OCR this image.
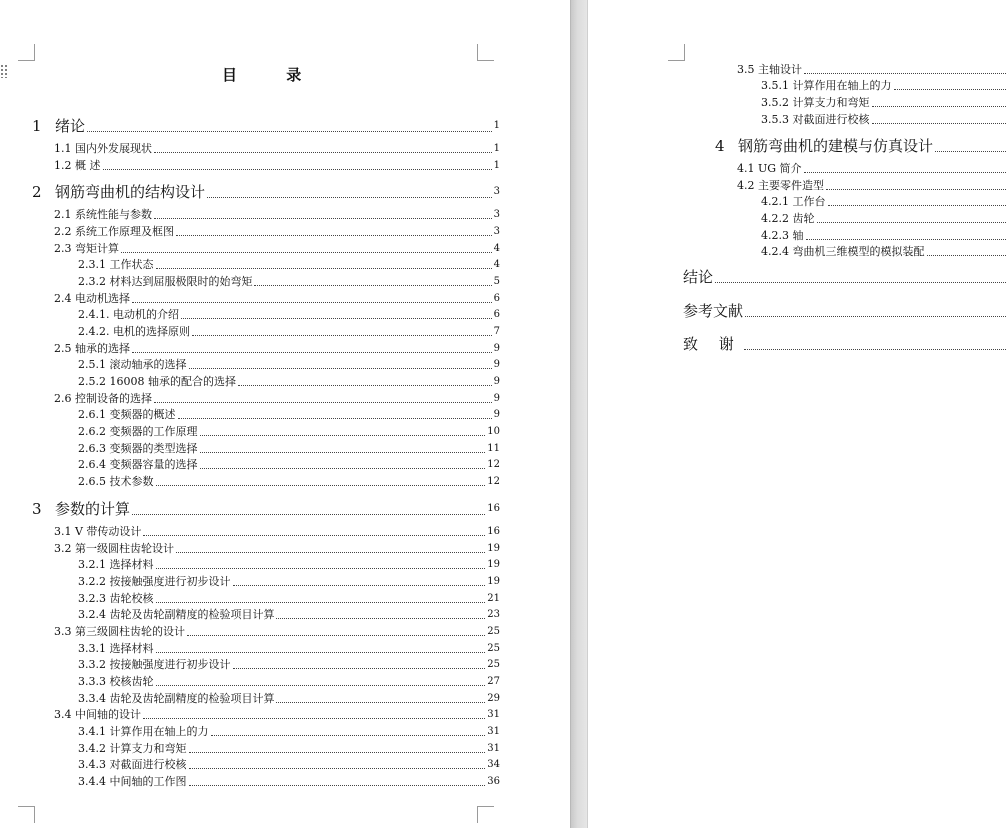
目 录
1 绪论	1
1.1 国内外发展现状	1
1.2 概 述	1
2 钢筋弯曲机的结构设计	3
2.1 系统性能与参数	3
2.2 系统工作原理及框图	3
2.3 弯矩计算	4
2.3.1 工作状态	4
2.3.2 材料达到屈服极限时的始弯矩	5
2.4 电动机选择	6
2.4.1. 电动机的介绍	6
2.4.2. 电机的选择原则	7
2.5 轴承的选择	9
2.5.1 滚动轴承的选择	9
2.5.2 16008 轴承的配合的选择	9
2.6 控制设备的选择	9
2.6.1 变频器的概述	9
2.6.2 变频器的工作原理	10
2.6.3 变频器的类型选择	11
2.6.4 变频器容量的选择	12
2.6.5 技术参数	12
3 参数的计算	16
3.1 V 带传动设计	16
3.2 第一级圆柱齿轮设计	19
3.2.1 选择材料	19
3.2.2 按接触强度进行初步设计	19
3.2.3 齿轮校核	21
3.2.4 齿轮及齿轮副精度的检验项目计算	23
3.3 第三级圆柱齿轮的设计	25
3.3.1 选择材料	25
3.3.2 按接触强度进行初步设计	25
3.3.3 校核齿轮	27
3.3.4 齿轮及齿轮副精度的检验项目计算	29
3.4 中间轴的设计	31
3.4.1 计算作用在轴上的力	31
3.4.2 计算支力和弯矩	31
3.4.3 对截面进行校核	34
3.4.4 中间轴的工作图	36
3.5 主轴设计
3.5.1 计算作用在轴上的力
3.5.2 计算支力和弯矩
3.5.3 对截面进行校核
4 钢筋弯曲机的建模与仿真设计
4.1 UG 简介
4.2 主要零件造型
4.2.1 工作台
4.2.2 齿轮
4.2.3 轴
4.2.4 弯曲机三维模型的模拟装配
结论
参考文献
致 谢
